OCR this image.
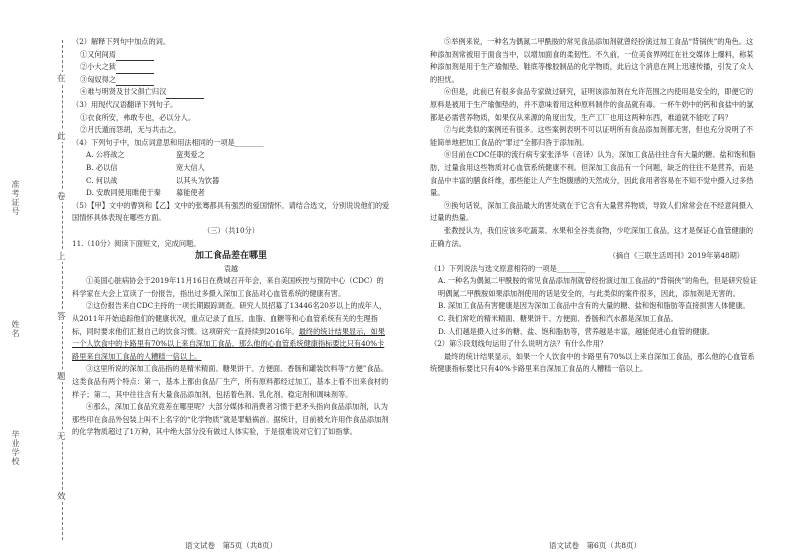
准考证号
姓名
毕业学校
在
此
卷
上
答
题
无
效

（2）解释下列句中加点的词。

①又何间焉

②小大之狱

③匈奴得之

④难与明贤及甘父俱亡归汉

（3）用现代汉语翻译下列句子。

①衣食所安，弗敢专也，必以分人。

②月氏遁而怨胡，无与共击之。

（4）下列句子中，加点词意思和用法相同的一项是________

A. 公将战之	蛮夷爱之
B. 必以信	宽大信人
C. 何以战	以其头为饮器
D. 安敢同使用睢使于秦	募能使者

（5）【甲】文中的曹刿和【乙】文中的张骞都具有强烈的爱国情怀。请结合选文，分别说说他们的爱国情怀具体表现在哪些方面。

（三）（共10分）

11.（10分）阅读下面短文，完成问题。

加工食品差在哪里

袁越

①美国心脏病协会于2019年11月16日在费城召开年会，来自美国疾控与预防中心（CDC）的科学家在大会上宣读了一份报告，指出过多摄入深加工食品对心血管系统的健康有害。

②这份报告来自CDC主持的一项长期跟踪调查。研究人员招募了13446名20岁以上的成年人，从2011年开始追踪他们的健康状况，重点记录了血压、血脂、血糖等和心血管系统有关的生理指标，同时要求他们汇报自己的饮食习惯。这项研究一直持续到2016年。最终的统计结果显示，如果一个人饮食中的卡路里有70%以上来自深加工食品，那么他的心血管系统健康指标要比只有40%卡路里来自深加工食品的人糟糕一倍以上。

③这里所说的深加工食品指的是精米精面、糖果饼干、方便面、香肠和罐装饮料等“方便”食品。这类食品有两个特点：第一，基本上都由食品厂生产，所有原料都经过加工，基本上看不出来食材的样子；第二，其中往往含有大量食品添加剂，包括着色剂、乳化剂、稳定剂和调味剂等。

④那么，深加工食品究竟差在哪里呢？大部分媒体和消费者习惯于把矛头指向食品添加剂，认为那些印在食品外包装上叫不上名字的“化学物质”就是罪魁祸首。据统计，目前被允许用作食品添加剂的化学物质超过了1万种，其中绝大部分没有做过人体实验，于是很难说对它们了如指掌。

⑤举例来说，一种名为偶氮二甲酰胺的常见食品添加剂就曾经扮演过加工食品“背锅侠”的角色。这种添加剂常被用于面食当中，以增加面食的柔韧性。不久前，一位美食界网红在社交媒体上爆料，称某种添加剂是用于生产瑜伽垫、鞋底等橡胶制品的化学物质，此后这个消息在网上迅速传播，引发了众人的担忧。

⑥但是，此前已有很多食品专家做过研究，证明该添加剂在允许范围之内使用是安全的，即便它的原料是被用于生产瑜伽垫的，并不意味着用这种原料制作的食品就有毒。一杯牛奶中的钙和食盐中的氯都是必需营养物质，如果仅从来源的角度出发，生产工厂也用这两种东西，难道就不能吃了吗？

⑦与此类似的案例还有很多。这些案例表明不可以证明所有食品添加剂都无害，但也充分说明了不能简单地把加工食品的“罪过”全都归咎于添加剂。

⑧目前在CDC任职的流行病专家张泽华（音译）认为，深加工食品往往含有大量的糖、盐和饱和脂肪，过量食用这些物质对心血管系统健康不利。但深加工食品有一个问题，缺乏的往往不是营养，而是食品中丰富的膳食纤维，那些能让人产生饱腹感的天然成分，因此食用者容易在不知不觉中摄入过多热量。

⑨换句话说，深加工食品最大的害处就在于它含有大量营养物质，导致人们常常会在不经意间摄入过量的热量。

张教授认为，我们应该多吃蔬菜、水果和全谷类食物，少吃深加工食品，这才是保证心血管健康的正确方法。

（摘自《三联生活周刊》2019年第48期）

（1）下列说法与选文原意相符的一项是________

A. 一种名为偶氮二甲酰胺的常见食品添加剂就曾经扮演过加工食品的“背锅侠”的角色，但是研究验证明偶氮二甲酰胺如果添加剂使用的话是安全的，与此类似的案件很多，因此，添加剂是无害的。

B. 深加工食品有害健康是因为深加工食品中含有的大量的糖、盐和饱和脂肪等直接损害人体健康。

C. 我们常吃的精米精面、糖果饼干、方便面、香肠和汽水都是深加工食品。

D. 人们越是摄入过多的糖、盐、饱和脂肪等，营养越是丰富，越能促进心血管的健康。

（2）第⑤段划线句运用了什么说明方法？有什么作用？

最终的统计结果显示，如果一个人饮食中的卡路里有70%以上来自深加工食品，那么他的心血管系统健康指标要比只有40%卡路里来自深加工食品的人糟糕一倍以上。

语文试卷　第5页（共8页）	语文试卷　第6页（共8页）
